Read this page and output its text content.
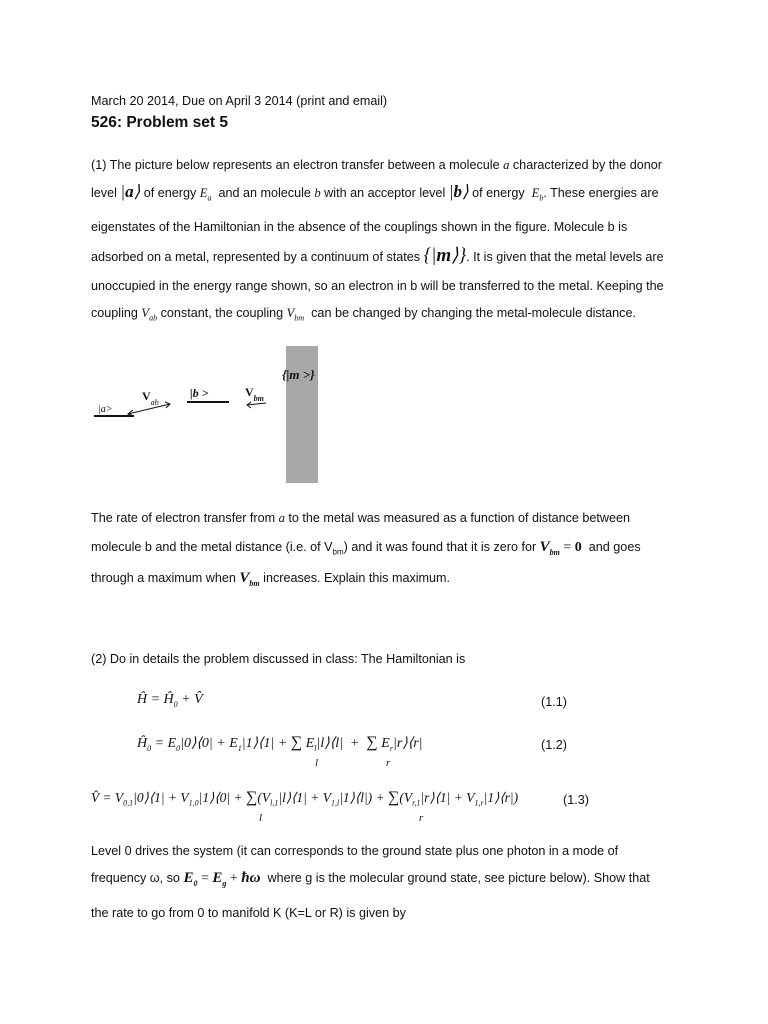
March 20 2014, Due on April 3 2014 (print and email)
526: Problem set 5
(1) The picture below represents an electron transfer between a molecule a characterized by the donor
level |a⟩ of energy $E_a$  and an molecule b with an acceptor level |b⟩ of energy  $E_b$. These energies are
eigenstates of the Hamiltonian in the absence of the couplings shown in the figure. Molecule b is
adsorbed on a metal, represented by a continuum of states {|m⟩}. It is given that the metal levels are
unoccupied in the energy range shown, so an electron in b will be transferred to the metal. Keeping the
coupling $V_{ab}$ constant, the coupling $V_{bm}$  can be changed by changing the metal-molecule distance.
{|m >}
|a>
|b >
$V_{ab}$
$V_{bm}$
The rate of electron transfer from a to the metal was measured as a function of distance between
molecule b and the metal distance (i.e. of $V_{bm}$) and it was found that it is zero for $V_{bm} = 0$  and goes
through a maximum when $V_{bm}$ increases. Explain this maximum.
(2) Do in details the problem discussed in class: The Hamiltonian is
Ĥ = $Ĥ_0$ + V̂	(1.1)
$Ĥ_0$ = $E_0|0⟩⟨0|$ + $E_1|1⟩⟨1|$ + ∑ $E_l|l⟩⟨l|$  +  ∑ $E_r|r⟩⟨r|$
l	r
(1.2)
V̂ = $V_{0,1}|0⟩⟨1|$ + $V_{1,0}|1⟩⟨0|$ + $\sum(V_{l,1}|l⟩⟨1|$ + $V_{1,l}|1⟩⟨l|$) + $\sum(V_{r,1}|r⟩⟨1|$ + $V_{1,r}|1⟩⟨r|$)
l	r
(1.3)
Level 0 drives the system (it can corresponds to the ground state plus one photon in a mode of
frequency ω, so $E_0 = E_g$ + ħω  where g is the molecular ground state, see picture below). Show that
the rate to go from 0 to manifold K (K=L or R) is given by
